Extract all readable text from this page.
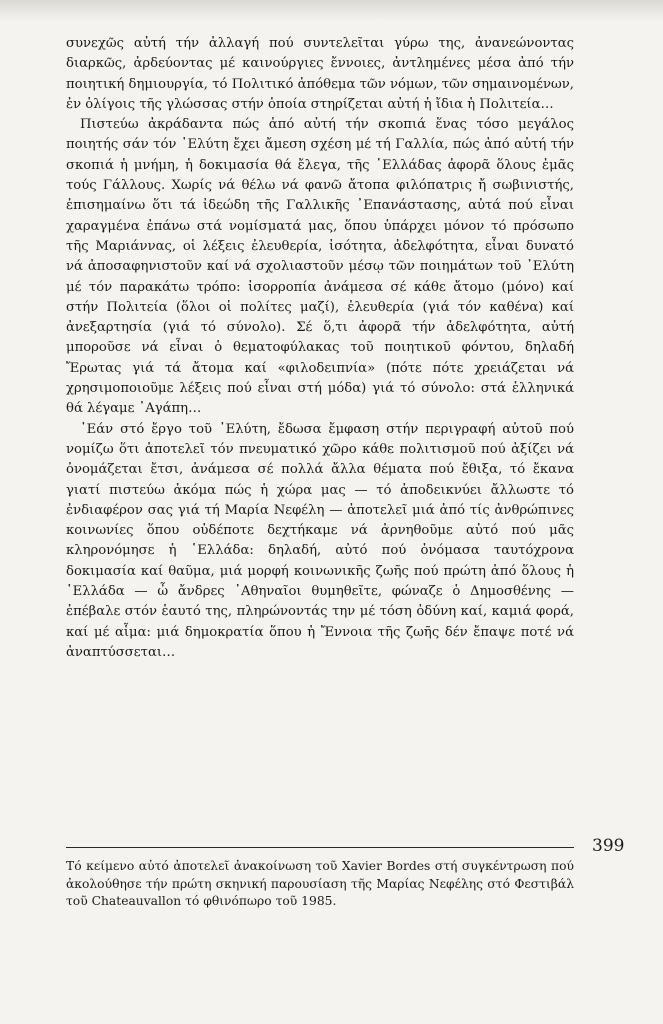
συνεχῶς αὐτή τήν ἀλλαγή πού συντελεῖται γύρω της, ἀνανεώνοντας διαρκῶς, ἀρδεύοντας μέ καινούργιες ἔννοιες, ἀντλημένες μέσα ἀπό τήν ποιητική δημιουργία, τό Πολιτικό ἀπόθεμα τῶν νόμων, τῶν σημαινομένων, ἐν ὀλίγοις τῆς γλώσσας στήν ὁποία στηρίζεται αὐτή ἡ ἴδια ἡ Πολιτεία…

Πιστεύω ἀκράδαντα πώς ἀπό αὐτή τήν σκοπιά ἕνας τόσο μεγάλος ποιητής σάν τόν ᾿Ελύτη ἔχει ἄμεση σχέση μέ τή Γαλλία, πώς ἀπό αὐτή τήν σκοπιά ἡ μνήμη, ἡ δοκιμασία θά ἔλεγα, τῆς ῾Ελλάδας ἀφορᾶ ὅλους ἐμᾶς τούς Γάλλους. Χωρίς νά θέλω νά φανῶ ἄτοπα φιλόπατρις ἤ σωβινιστής, ἐπισημαίνω ὅτι τά ἰδεώδη τῆς Γαλλικῆς ᾿Επανάστασης, αὐτά πού εἶναι χαραγμένα ἐπάνω στά νομίσματά μας, ὅπου ὑπάρχει μόνον τό πρόσωπο τῆς Μαριάννας, οἱ λέξεις ἐλευθερία, ἰσότητα, ἀδελφότητα, εἶναι δυνατό νά ἀποσαφηνιστοῦν καί νά σχολιαστοῦν μέσῳ τῶν ποιημάτων τοῦ ᾿Ελύτη μέ τόν παρακάτω τρόπο: ἰσορροπία ἀνάμεσα σέ κάθε ἄτομο (μόνο) καί στήν Πολιτεία (ὅλοι οἱ πολίτες μαζί), ἐλευθερία (γιά τόν καθένα) καί ἀνεξαρτησία (γιά τό σύνολο). Σέ ὅ,τι ἀφορᾶ τήν ἀδελφότητα, αὐτή μποροῦσε νά εἶναι ὁ θεματοφύλακας τοῦ ποιητικοῦ φόντου, δηλαδή Ἔρωτας γιά τά ἄτομα καί «φιλοδειπνία» (πότε πότε χρειάζεται νά χρησιμοποιοῦμε λέξεις πού εἶναι στή μόδα) γιά τό σύνολο: στά ἑλληνικά θά λέγαμε ᾿Αγάπη…

᾿Εάν στό ἔργο τοῦ ᾿Ελύτη, ἔδωσα ἔμφαση στήν περιγραφή αὐτοῦ πού νομίζω ὅτι ἀποτελεῖ τόν πνευματικό χῶρο κάθε πολιτισμοῦ πού ἀξίζει νά ὀνομάζεται ἔτσι, ἀνάμεσα σέ πολλά ἄλλα θέματα πού ἔθιξα, τό ἔκανα γιατί πιστεύω ἀκόμα πώς ἡ χώρα μας — τό ἀποδεικνύει ἄλλωστε τό ἐνδιαφέρον σας γιά τή Μαρία Νεφέλη — ἀποτελεῖ μιά ἀπό τίς ἀνθρώπινες κοινωνίες ὅπου οὐδέποτε δεχτήκαμε νά ἀρνηθοῦμε αὐτό πού μᾶς κληρονόμησε ἡ ῾Ελλάδα: δηλαδή, αὐτό πού ὀνόμασα ταυτόχρονα δοκιμασία καί θαῦμα, μιά μορφή κοινωνικῆς ζωῆς πού πρώτη ἀπό ὅλους ἡ ῾Ελλάδα — ὦ ἄνδρες ᾿Αθηναῖοι θυμηθεῖτε, φώναζε ὁ Δημοσθένης — ἐπέβαλε στόν ἑαυτό της, πληρώνοντάς την μέ τόση ὀδύνη καί, καμιά φορά, καί μέ αἷμα: μιά δημοκρατία ὅπου ἡ Ἔννοια τῆς ζωῆς δέν ἔπαψε ποτέ νά ἀναπτύσσεται…

399

Τό κείμενο αὐτό ἀποτελεῖ ἀνακοίνωση τοῦ Xavier Bordes στή συγκέντρωση πού ἀκολούθησε τήν πρώτη σκηνική παρουσίαση τῆς Μαρίας Νεφέλης στό Φεστιβάλ τοῦ Chateauvallon τό φθινόπωρο τοῦ 1985.
